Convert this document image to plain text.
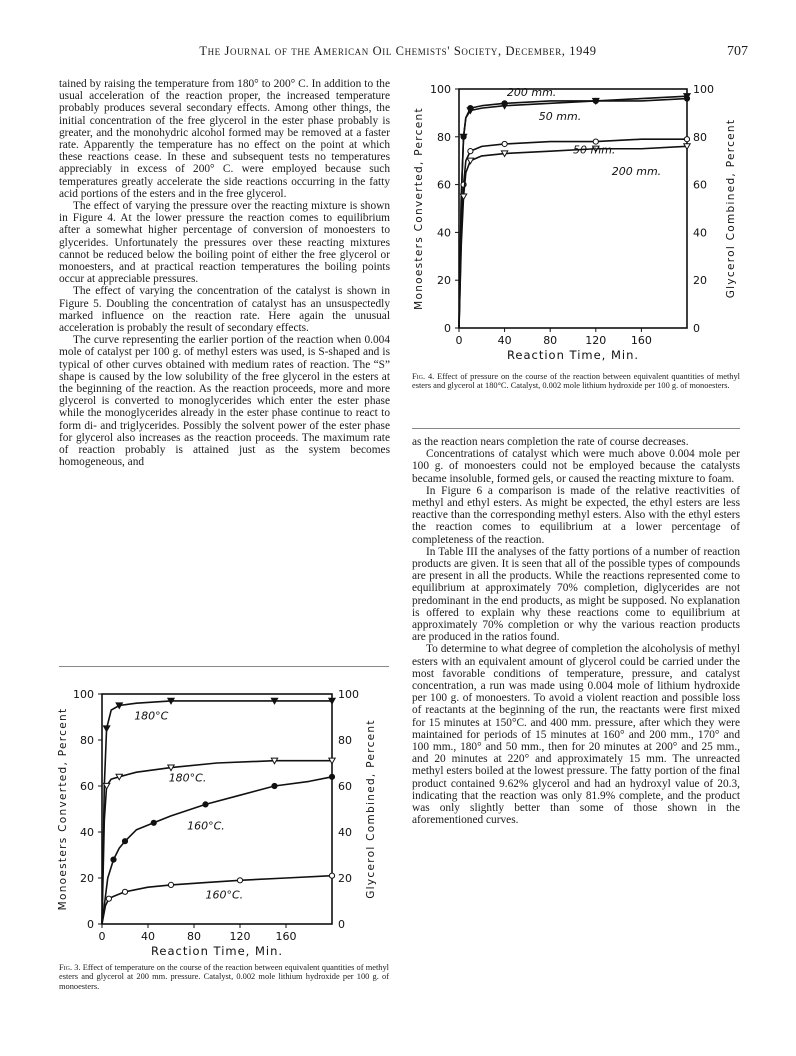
The Journal of the American Oil Chemists' Society, December, 1949	707

tained by raising the temperature from 180° to 200° C. In addition to the usual acceleration of the reaction proper, the increased temperature probably produces several secondary effects. Among other things, the initial concentration of the free glycerol in the ester phase probably is greater, and the monohydric alcohol formed may be removed at a faster rate. Apparently the temperature has no effect on the point at which these reactions cease. In these and subsequent tests no temperatures appreciably in excess of 200° C. were employed because such temperatures greatly accelerate the side reactions occurring in the fatty acid portions of the esters and in the free glycerol.

The effect of varying the pressure over the reacting mixture is shown in Figure 4. At the lower pressure the reaction comes to equilibrium after a somewhat higher percentage of conversion of monoesters to glycerides. Unfortunately the pressures over these reacting mixtures cannot be reduced below the boiling point of either the free glycerol or monoesters, and at practical reaction temperatures the boiling points occur at appreciable pressures.

The effect of varying the concentration of the catalyst is shown in Figure 5. Doubling the concentration of catalyst has an unsuspectedly marked influence on the reaction rate. Here again the unusual acceleration is probably the result of secondary effects.

The curve representing the earlier portion of the reaction when 0.004 mole of catalyst per 100 g. of methyl esters was used, is S-shaped and is typical of other curves obtained with medium rates of reaction. The “S” shape is caused by the low solubility of the free glycerol in the esters at the beginning of the reaction. As the reaction proceeds, more and more glycerol is converted to monoglycerides which enter the ester phase while the monoglycerides already in the ester phase continue to react to form di- and triglycerides. Possibly the solvent power of the ester phase for glycerol also increases as the reaction proceeds. The maximum rate of reaction probably is attained just as the system becomes homogeneous, and

0	40	80	120 160
0
20
40
60
80
100
0
20
40
60
80
100
Reaction Time, Min.
Monoesters Converted, Percent	Glycerol Combined, Percent
180°C
180°C.
160°C.
160°C.
Fig. 3. Effect of temperature on the course of the reaction between equivalent quantities of methyl esters and glycerol at 200 mm. pressure. Catalyst, 0.002 mole lithium hydroxide per 100 g. of monoesters.
0	40	80	120 160
0
20
40
60
80
100
0
20
40
60
80
100
Reaction Time, Min.
Monoesters Converted, Percent	Glycerol Combined, Percent
200 mm.
50 mm.
50 mm.
200 mm.
Fig. 4. Effect of pressure on the course of the reaction between equivalent quantities of methyl esters and glycerol at 180°C. Catalyst, 0.002 mole lithium hydroxide per 100 g. of monoesters.

as the reaction nears completion the rate of course decreases.

Concentrations of catalyst which were much above 0.004 mole per 100 g. of monoesters could not be employed because the catalysts became insoluble, formed gels, or caused the reacting mixture to foam.

In Figure 6 a comparison is made of the relative reactivities of methyl and ethyl esters. As might be expected, the ethyl esters are less reactive than the corresponding methyl esters. Also with the ethyl esters the reaction comes to equilibrium at a lower percentage of completeness of the reaction.

In Table III the analyses of the fatty portions of a number of reaction products are given. It is seen that all of the possible types of compounds are present in all the products. While the reactions represented come to equilibrium at approximately 70% completion, diglycerides are not predominant in the end products, as might be supposed. No explanation is offered to explain why these reactions come to equilibrium at approximately 70% completion or why the various reaction products are produced in the ratios found.

To determine to what degree of completion the alcoholysis of methyl esters with an equivalent amount of glycerol could be carried under the most favorable conditions of temperature, pressure, and catalyst concentration, a run was made using 0.004 mole of lithium hydroxide per 100 g. of monoesters. To avoid a violent reaction and possible loss of reactants at the beginning of the run, the reactants were first mixed for 15 minutes at 150°C. and 400 mm. pressure, after which they were maintained for periods of 15 minutes at 160° and 200 mm., 170° and 100 mm., 180° and 50 mm., then for 20 minutes at 200° and 25 mm., and 20 minutes at 220° and approximately 15 mm. The unreacted methyl esters boiled at the lowest pressure. The fatty portion of the final product contained 9.62% glycerol and had an hydroxyl value of 20.3, indicating that the reaction was only 81.9% complete, and the product was only slightly better than some of those shown in the aforementioned curves.
